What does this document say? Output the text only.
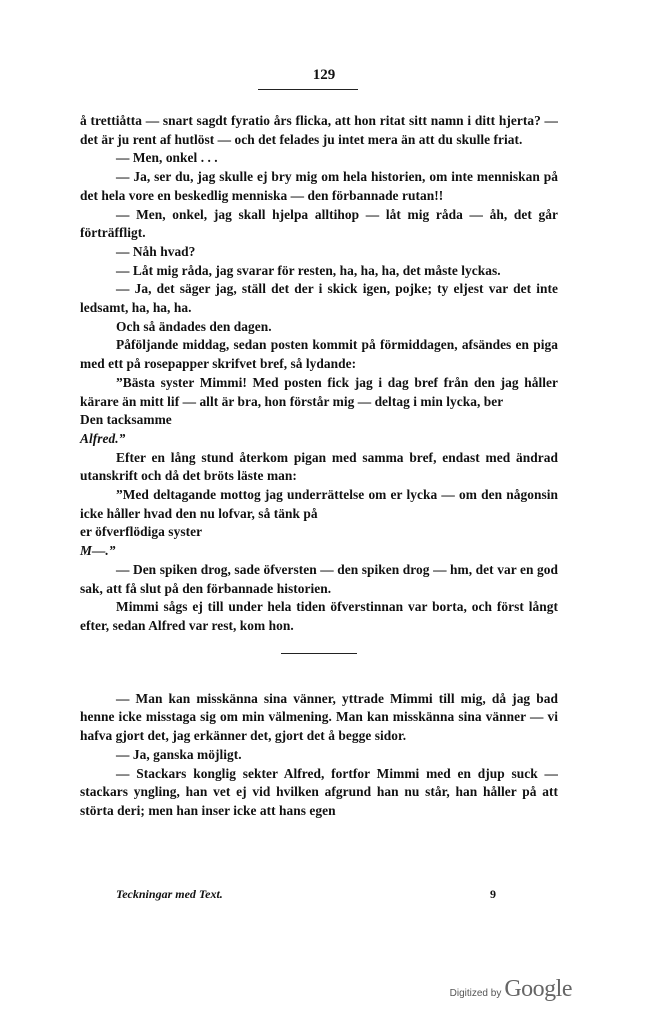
129

å trettiåtta — snart sagdt fyratio års flicka, att hon ritat sitt namn i ditt hjerta? — det är ju rent af hutlöst — och det felades ju intet mera än att du skulle friat.

— Men, onkel . . .

— Ja, ser du, jag skulle ej bry mig om hela historien, om inte menniskan på det hela vore en beskedlig menniska — den förbannade rutan!!

— Men, onkel, jag skall hjelpa alltihop — låt mig råda — åh, det går förträffligt.

— Nåh hvad?

— Låt mig råda, jag svarar för resten, ha, ha, ha, det måste lyckas.

— Ja, det säger jag, ställ det der i skick igen, pojke; ty eljest var det inte ledsamt, ha, ha, ha.

Och så ändades den dagen.

Påföljande middag, sedan posten kommit på förmiddagen, afsändes en piga med ett på rosepapper skrifvet bref, så lydande:

”Bästa syster Mimmi! Med posten fick jag i dag bref från den jag håller kärare än mitt lif — allt är bra, hon förstår mig — deltag i min lycka, ber

Den tacksamme

Alfred.”

Efter en lång stund återkom pigan med samma bref, endast med ändrad utanskrift och då det bröts läste man:

”Med deltagande mottog jag underrättelse om er lycka — om den någonsin icke håller hvad den nu lofvar, så tänk på

er öfverflödiga syster

M—.”

— Den spiken drog, sade öfversten — den spiken drog — hm, det var en god sak, att få slut på den förbannade historien.

Mimmi sågs ej till under hela tiden öfverstinnan var borta, och först långt efter, sedan Alfred var rest, kom hon.

— Man kan misskänna sina vänner, yttrade Mimmi till mig, då jag bad henne icke misstaga sig om min välmening. Man kan misskänna sina vänner — vi hafva gjort det, jag erkänner det, gjort det å begge sidor.

— Ja, ganska möjligt.

— Stackars konglig sekter Alfred, fortfor Mimmi med en djup suck — stackars yngling, han vet ej vid hvilken afgrund han nu står, han håller på att störta deri; men han inser icke att hans egen

Teckningar med Text.	9
Digitized by Google
